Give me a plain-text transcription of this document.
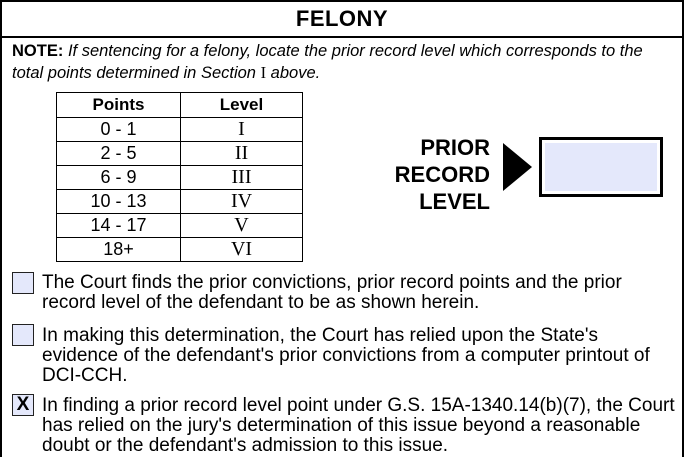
FELONY
NOTE: If sentencing for a felony, locate the prior record level which corresponds to the total points determined in Section I above.
Points	Level
0 - 1	I
2 - 5	II
6 - 9	III
10 - 13	IV
14 - 17	V
18+	VI
PRIOR
RECORD
LEVEL
The Court finds the prior convictions, prior record points and the prior record level of the defendant to be as shown herein.
In making this determination, the Court has relied upon the State's evidence of the defendant's prior convictions from a computer printout of DCI-CCH.
X In finding a prior record level point under G.S. 15A-1340.14(b)(7), the Court has relied on the jury's determination of this issue beyond a reasonable doubt or the defendant's admission to this issue.
